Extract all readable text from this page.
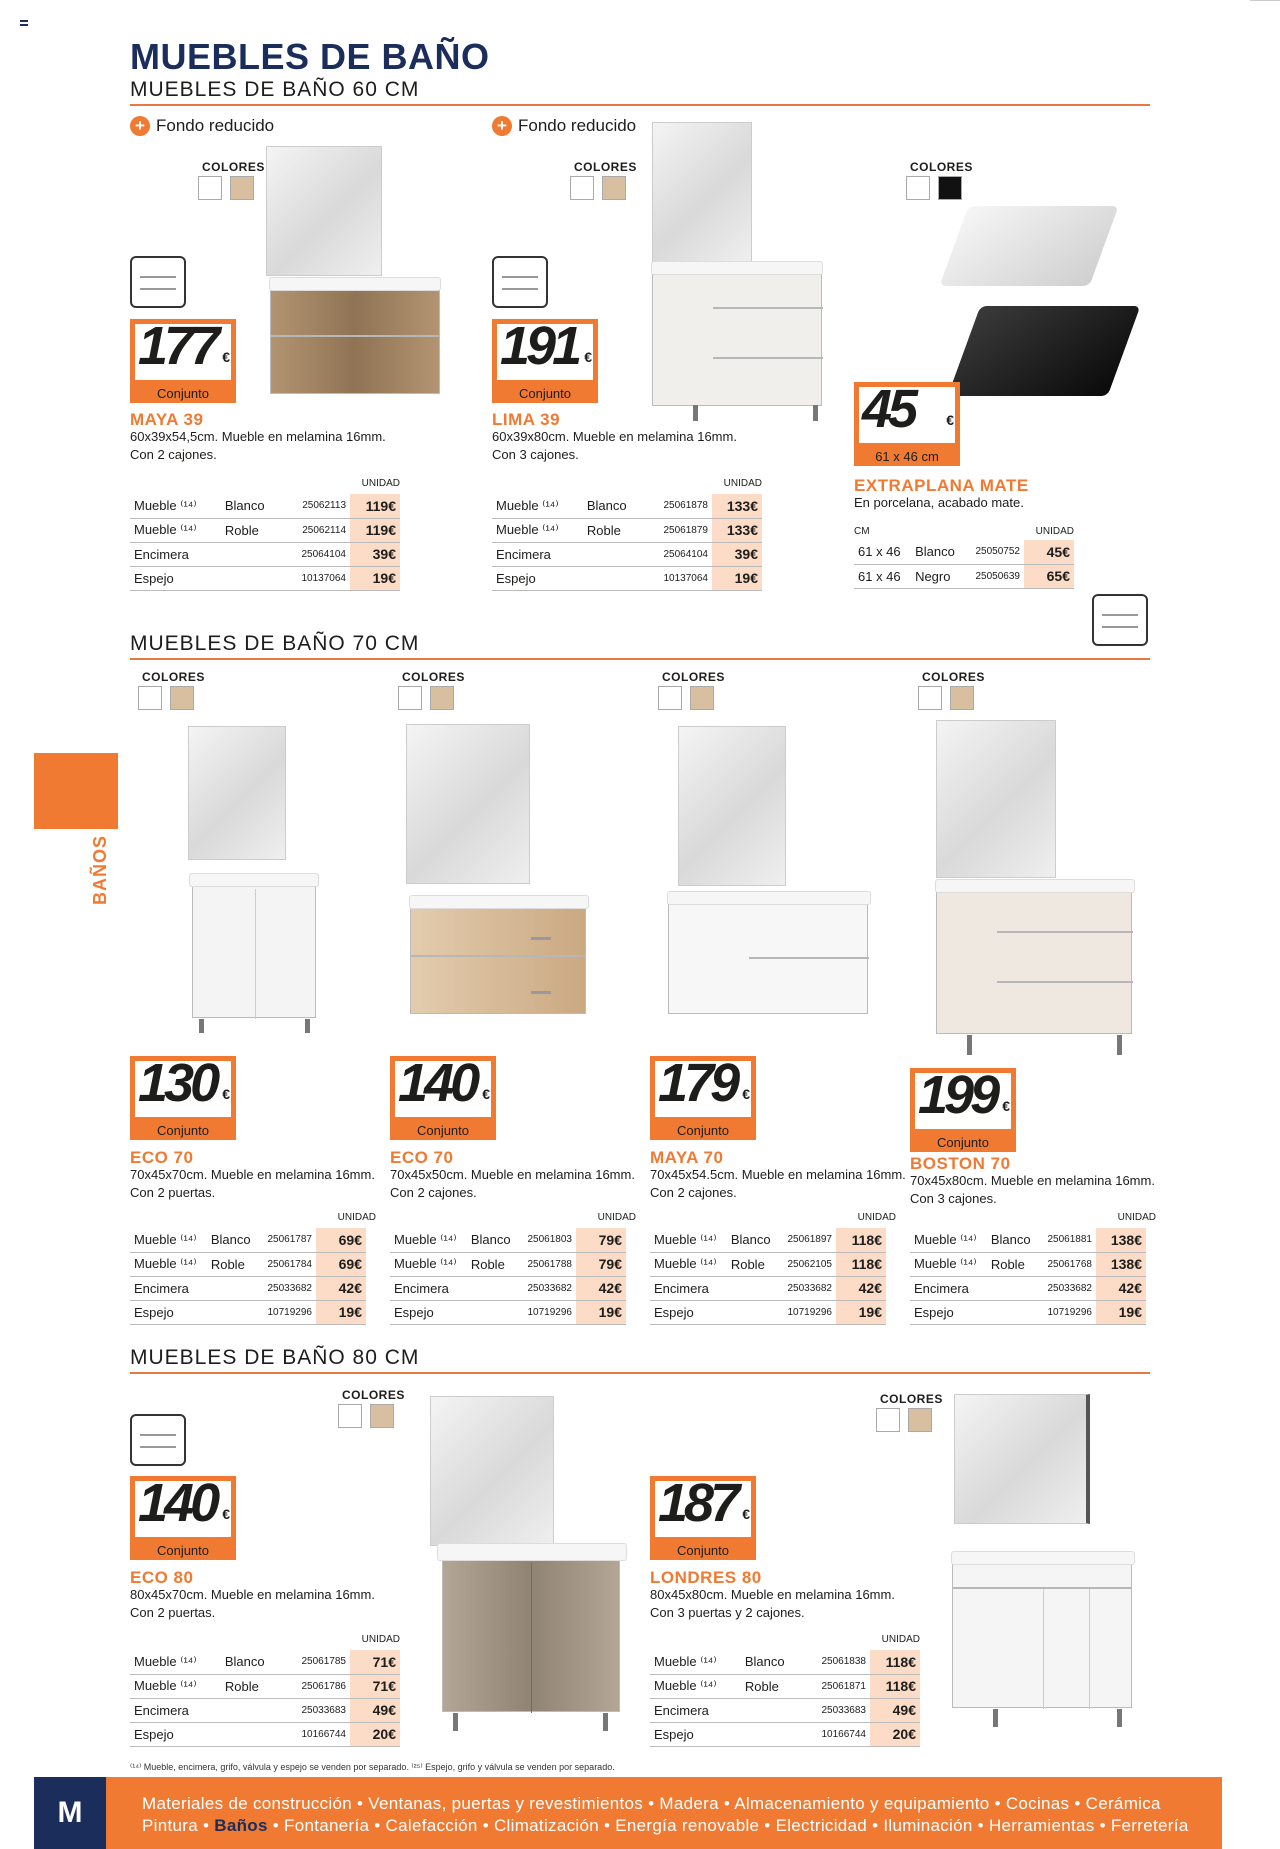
MUEBLES DE BAÑO
MUEBLES DE BAÑO 60 CM
MUEBLES DE BAÑO 70 CM
MUEBLES DE BAÑO 80 CM
BAÑOS
+ Fondo reducido
COLORES
177 €
Conjunto
MAYA 39
60x39x54,5cm. Mueble en melamina 16mm.
Con 2 cajones.
UNIDAD
Mueble ⁽¹⁴⁾	Blanco	25062113	119€
Mueble ⁽¹⁴⁾	Roble	25062114	119€
Encimera		25064104	39€
Espejo		10137064	19€
+ Fondo reducido
COLORES
191 €
Conjunto
LIMA 39
60x39x80cm. Mueble en melamina 16mm.
Con 3 cajones.
UNIDAD
Mueble ⁽¹⁴⁾	Blanco	25061878	133€
Mueble ⁽¹⁴⁾	Roble	25061879	133€
Encimera		25064104	39€
Espejo		10137064	19€
COLORES
45 €
61 x 46 cm
EXTRAPLANA MATE
En porcelana, acabado mate.
CM	UNIDAD
61 x 46	Blanco	25050752	45€
61 x 46	Negro	25050639	65€
COLORES
130 €
Conjunto
ECO 70
70x45x70cm. Mueble en melamina 16mm.
Con 2 puertas.
UNIDAD
Mueble ⁽¹⁴⁾	Blanco	25061787	69€
Mueble ⁽¹⁴⁾	Roble	25061784	69€
Encimera		25033682	42€
Espejo		10719296	19€
COLORES
140 €
Conjunto
ECO 70
70x45x50cm. Mueble en melamina 16mm.
Con 2 cajones.
UNIDAD
Mueble ⁽¹⁴⁾	Blanco	25061803	79€
Mueble ⁽¹⁴⁾	Roble	25061788	79€
Encimera		25033682	42€
Espejo		10719296	19€
COLORES
179 €
Conjunto
MAYA 70
70x45x54.5cm. Mueble en melamina 16mm.
Con 2 cajones.
UNIDAD
Mueble ⁽¹⁴⁾	Blanco	25061897	118€
Mueble ⁽¹⁴⁾	Roble	25062105	118€
Encimera		25033682	42€
Espejo		10719296	19€
COLORES
199 €
Conjunto
BOSTON 70
70x45x80cm. Mueble en melamina 16mm.
Con 3 cajones.
UNIDAD
Mueble ⁽¹⁴⁾	Blanco	25061881	138€
Mueble ⁽¹⁴⁾	Roble	25061768	138€
Encimera		25033682	42€
Espejo		10719296	19€
COLORES
140 €
Conjunto
ECO 80
80x45x70cm. Mueble en melamina 16mm.
Con 2 puertas.
UNIDAD
Mueble ⁽¹⁴⁾	Blanco	25061785	71€
Mueble ⁽¹⁴⁾	Roble	25061786	71€
Encimera		25033683	49€
Espejo		10166744	20€
COLORES
187 €
Conjunto
LONDRES 80
80x45x80cm. Mueble en melamina 16mm.
Con 3 puertas y 2 cajones.
UNIDAD
Mueble ⁽¹⁴⁾	Blanco	25061838	118€
Mueble ⁽¹⁴⁾	Roble	25061871	118€
Encimera		25033683	49€
Espejo		10166744	20€
⁽¹⁴⁾ Mueble, encimera, grifo, válvula y espejo se venden por separado. ⁽²⁵⁾ Espejo, grifo y válvula se venden por separado.
M	Materiales de construcción • Ventanas, puertas y revestimientos • Madera • Almacenamiento y equipamiento • Cocinas • Cerámica
Pintura • Baños • Fontanería • Calefacción • Climatización • Energía renovable • Electricidad • Iluminación • Herramientas • Ferretería
